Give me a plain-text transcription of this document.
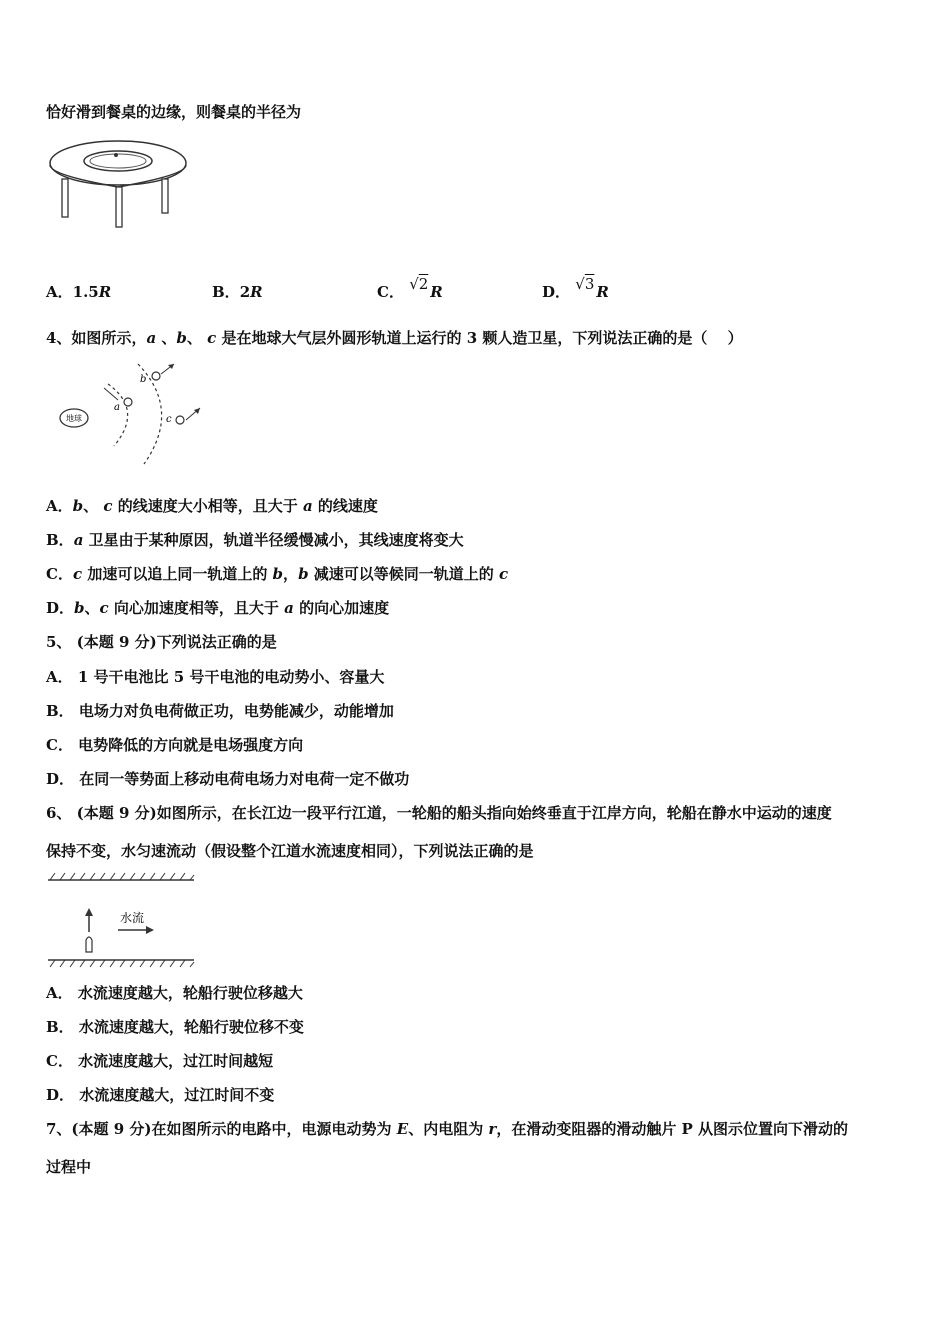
恰好滑到餐桌的边缘，则餐桌的半径为
A．1.5R	B．2R	C． √2 R	D． √3 R
4、如图所示，a 、b、 c 是在地球大气层外圆形轨道上运行的 3 颗人造卫星，下列说法正确的是（　 ）
地球
a
b
c
A．b、 c 的线速度大小相等，且大于 a 的线速度
B．a 卫星由于某种原因，轨道半径缓慢减小，其线速度将变大
C．c 加速可以追上同一轨道上的 b，b 减速可以等候同一轨道上的 c
D．b、c 向心加速度相等，且大于 a 的向心加速度
5、 (本题 9 分)下列说法正确的是
A． 1 号干电池比 5 号干电池的电动势小、容量大
B． 电场力对负电荷做正功，电势能减少，动能增加
C． 电势降低的方向就是电场强度方向
D． 在同一等势面上移动电荷电场力对电荷一定不做功
6、 (本题 9 分)如图所示，在长江边一段平行江道，一轮船的船头指向始终垂直于江岸方向，轮船在静水中运动的速度
保持不变，水匀速流动（假设整个江道水流速度相同），下列说法正确的是
水流
A． 水流速度越大，轮船行驶位移越大
B． 水流速度越大，轮船行驶位移不变
C． 水流速度越大，过江时间越短
D． 水流速度越大，过江时间不变
7、(本题 9 分)在如图所示的电路中，电源电动势为 E、内电阻为 r，在滑动变阻器的滑动触片 P 从图示位置向下滑动的
过程中
